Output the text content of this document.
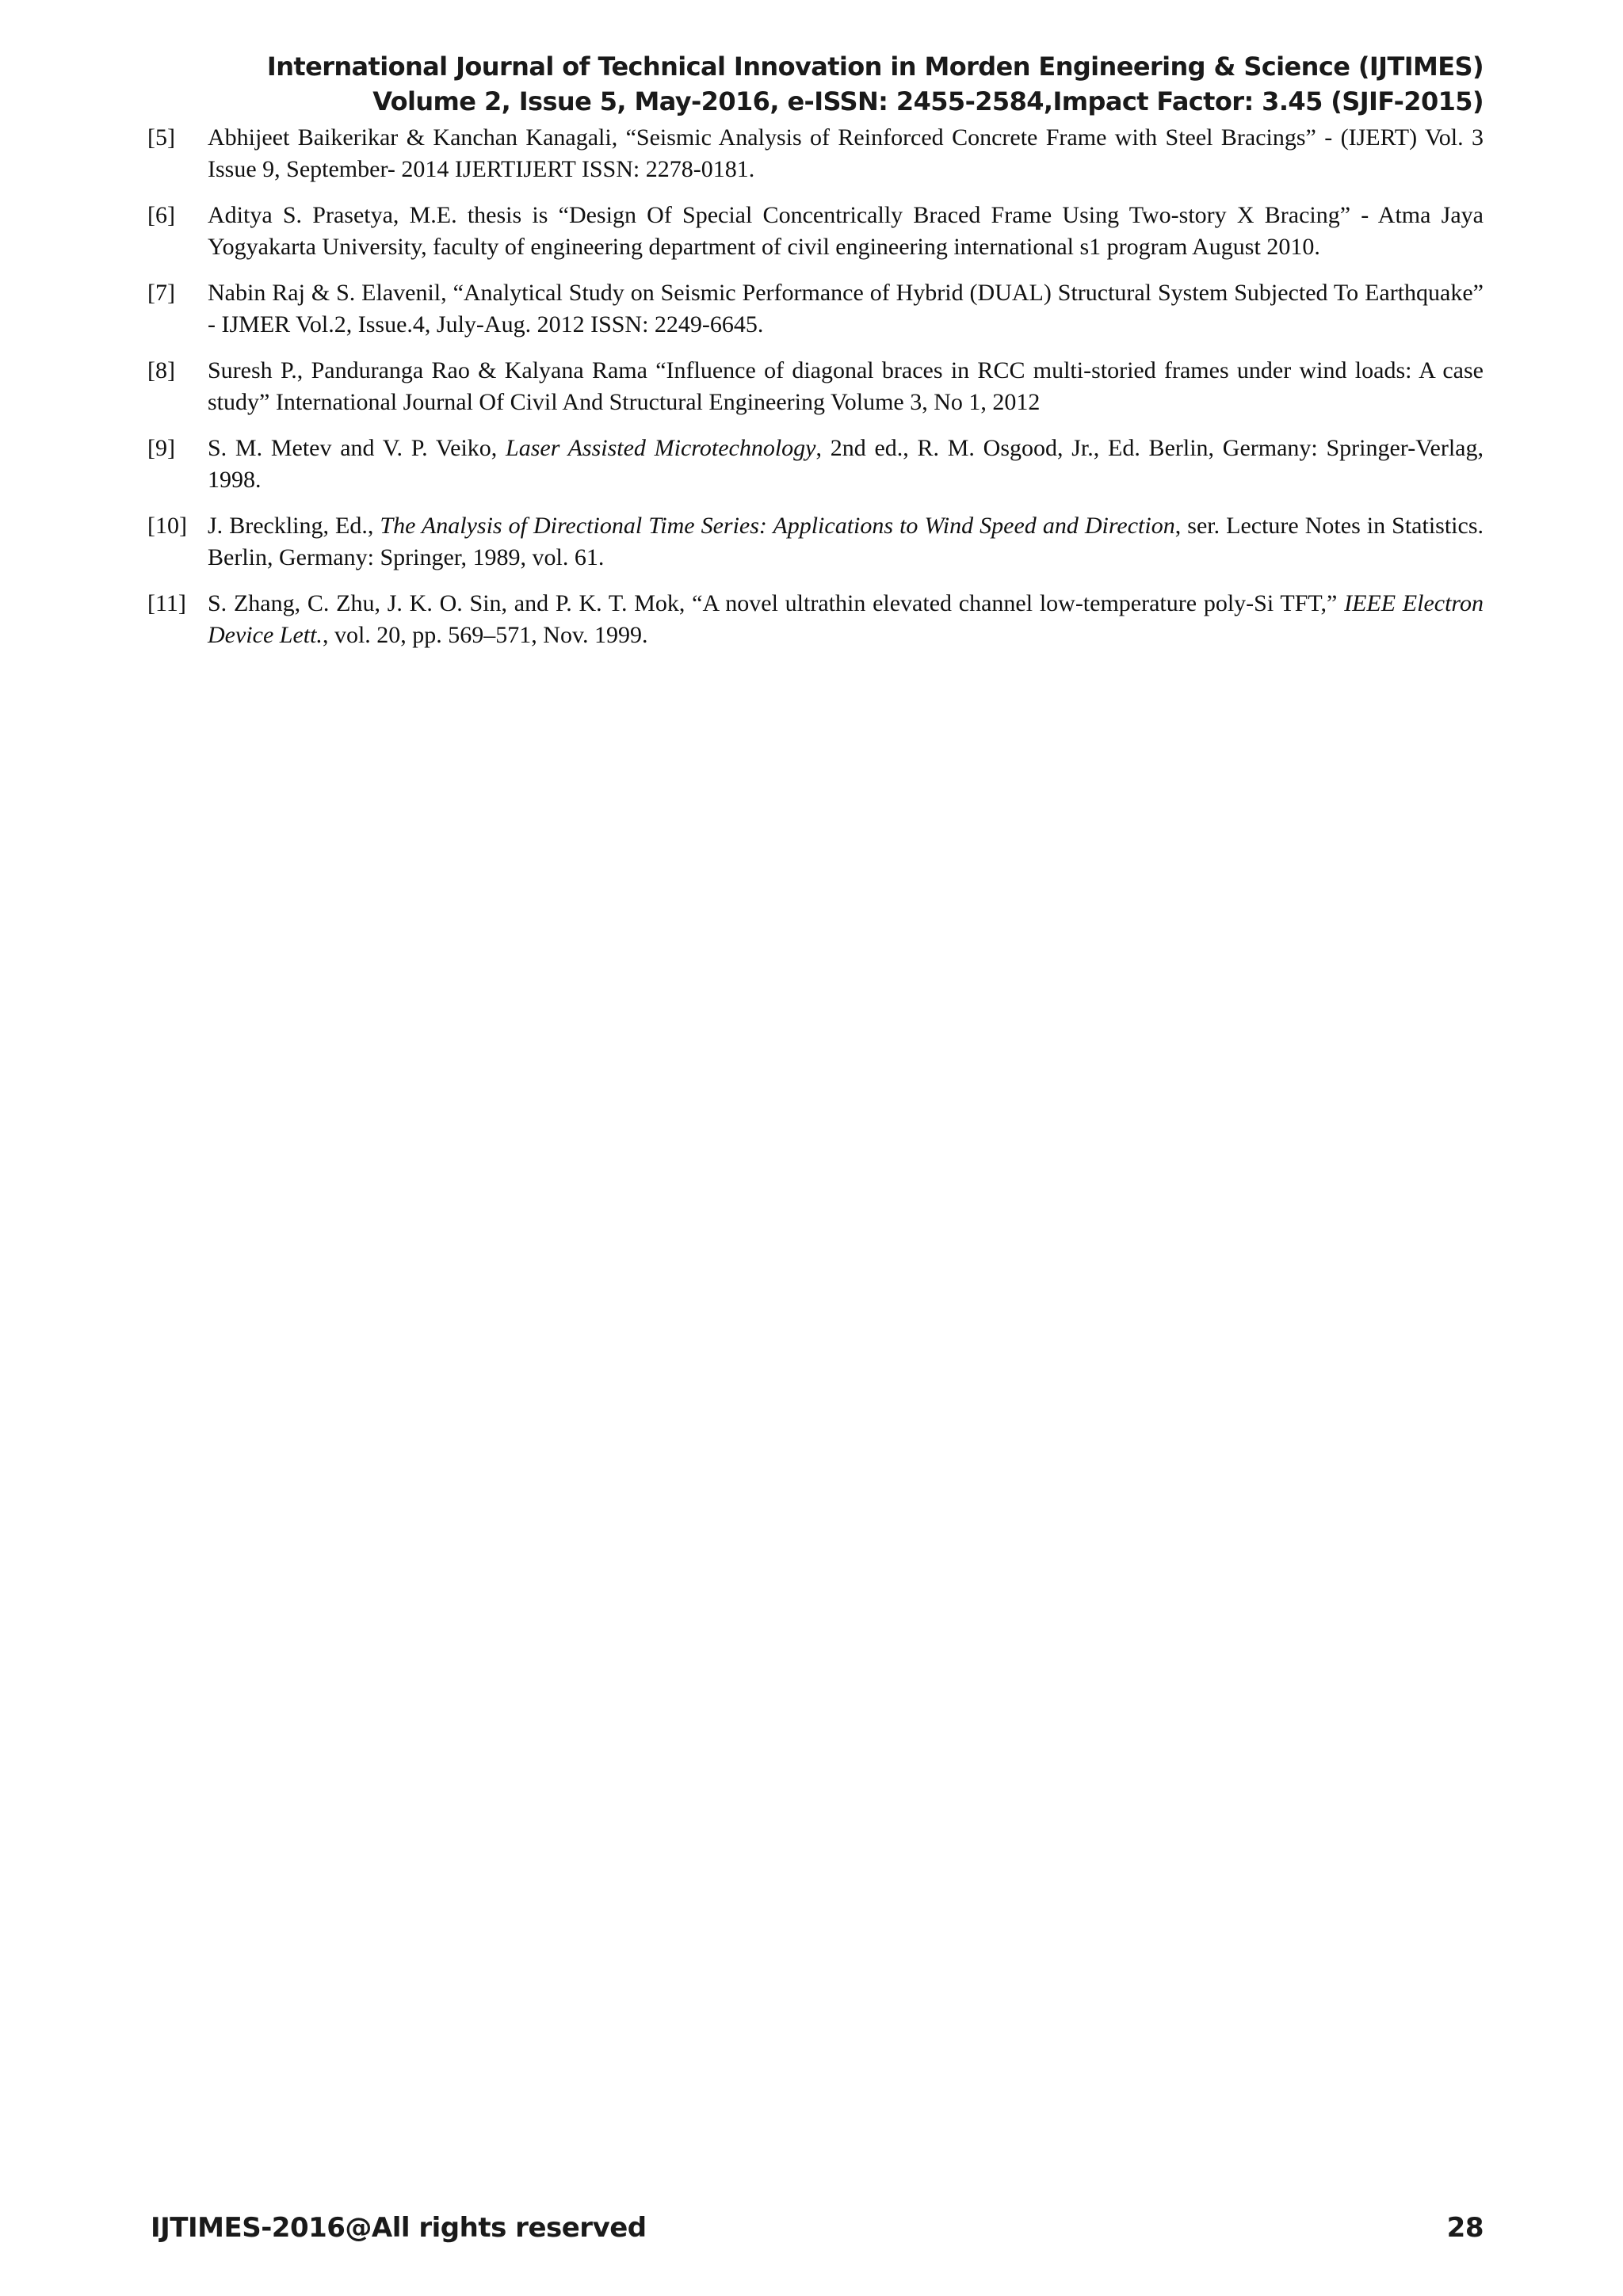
International Journal of Technical Innovation in Morden Engineering & Science (IJTIMES)
Volume 2, Issue 5, May-2016, e-ISSN: 2455-2584,Impact Factor: 3.45 (SJIF-2015)
[5]	Abhijeet Baikerikar & Kanchan Kanagali, “Seismic Analysis of Reinforced Concrete Frame with Steel Bracings” - (IJERT) Vol. 3 Issue 9, September- 2014 IJERTIJERT ISSN: 2278-0181.
[6]	Aditya S. Prasetya, M.E. thesis is “Design Of Special Concentrically Braced Frame Using Two-story X Bracing” - Atma Jaya Yogyakarta University, faculty of engineering department of civil engineering international s1 program August 2010.
[7]	Nabin Raj & S. Elavenil, “Analytical Study on Seismic Performance of Hybrid (DUAL) Structural System Subjected To Earthquake” - IJMER Vol.2, Issue.4, July-Aug. 2012 ISSN: 2249-6645.
[8]	Suresh P., Panduranga Rao & Kalyana Rama “Influence of diagonal braces in RCC multi-storied frames under wind loads: A case study” International Journal Of Civil And Structural Engineering Volume 3, No 1, 2012
[9]	S. M. Metev and V. P. Veiko, Laser Assisted Microtechnology, 2nd ed., R. M. Osgood, Jr., Ed. Berlin, Germany: Springer-Verlag, 1998.
[10] J. Breckling, Ed., The Analysis of Directional Time Series: Applications to Wind Speed and Direction, ser. Lecture Notes in Statistics. Berlin, Germany: Springer, 1989, vol. 61.
[11] S. Zhang, C. Zhu, J. K. O. Sin, and P. K. T. Mok, “A novel ultrathin elevated channel low-temperature poly-Si TFT,” IEEE Electron Device Lett., vol. 20, pp. 569–571, Nov. 1999.
IJTIMES-2016@All rights reserved	28
